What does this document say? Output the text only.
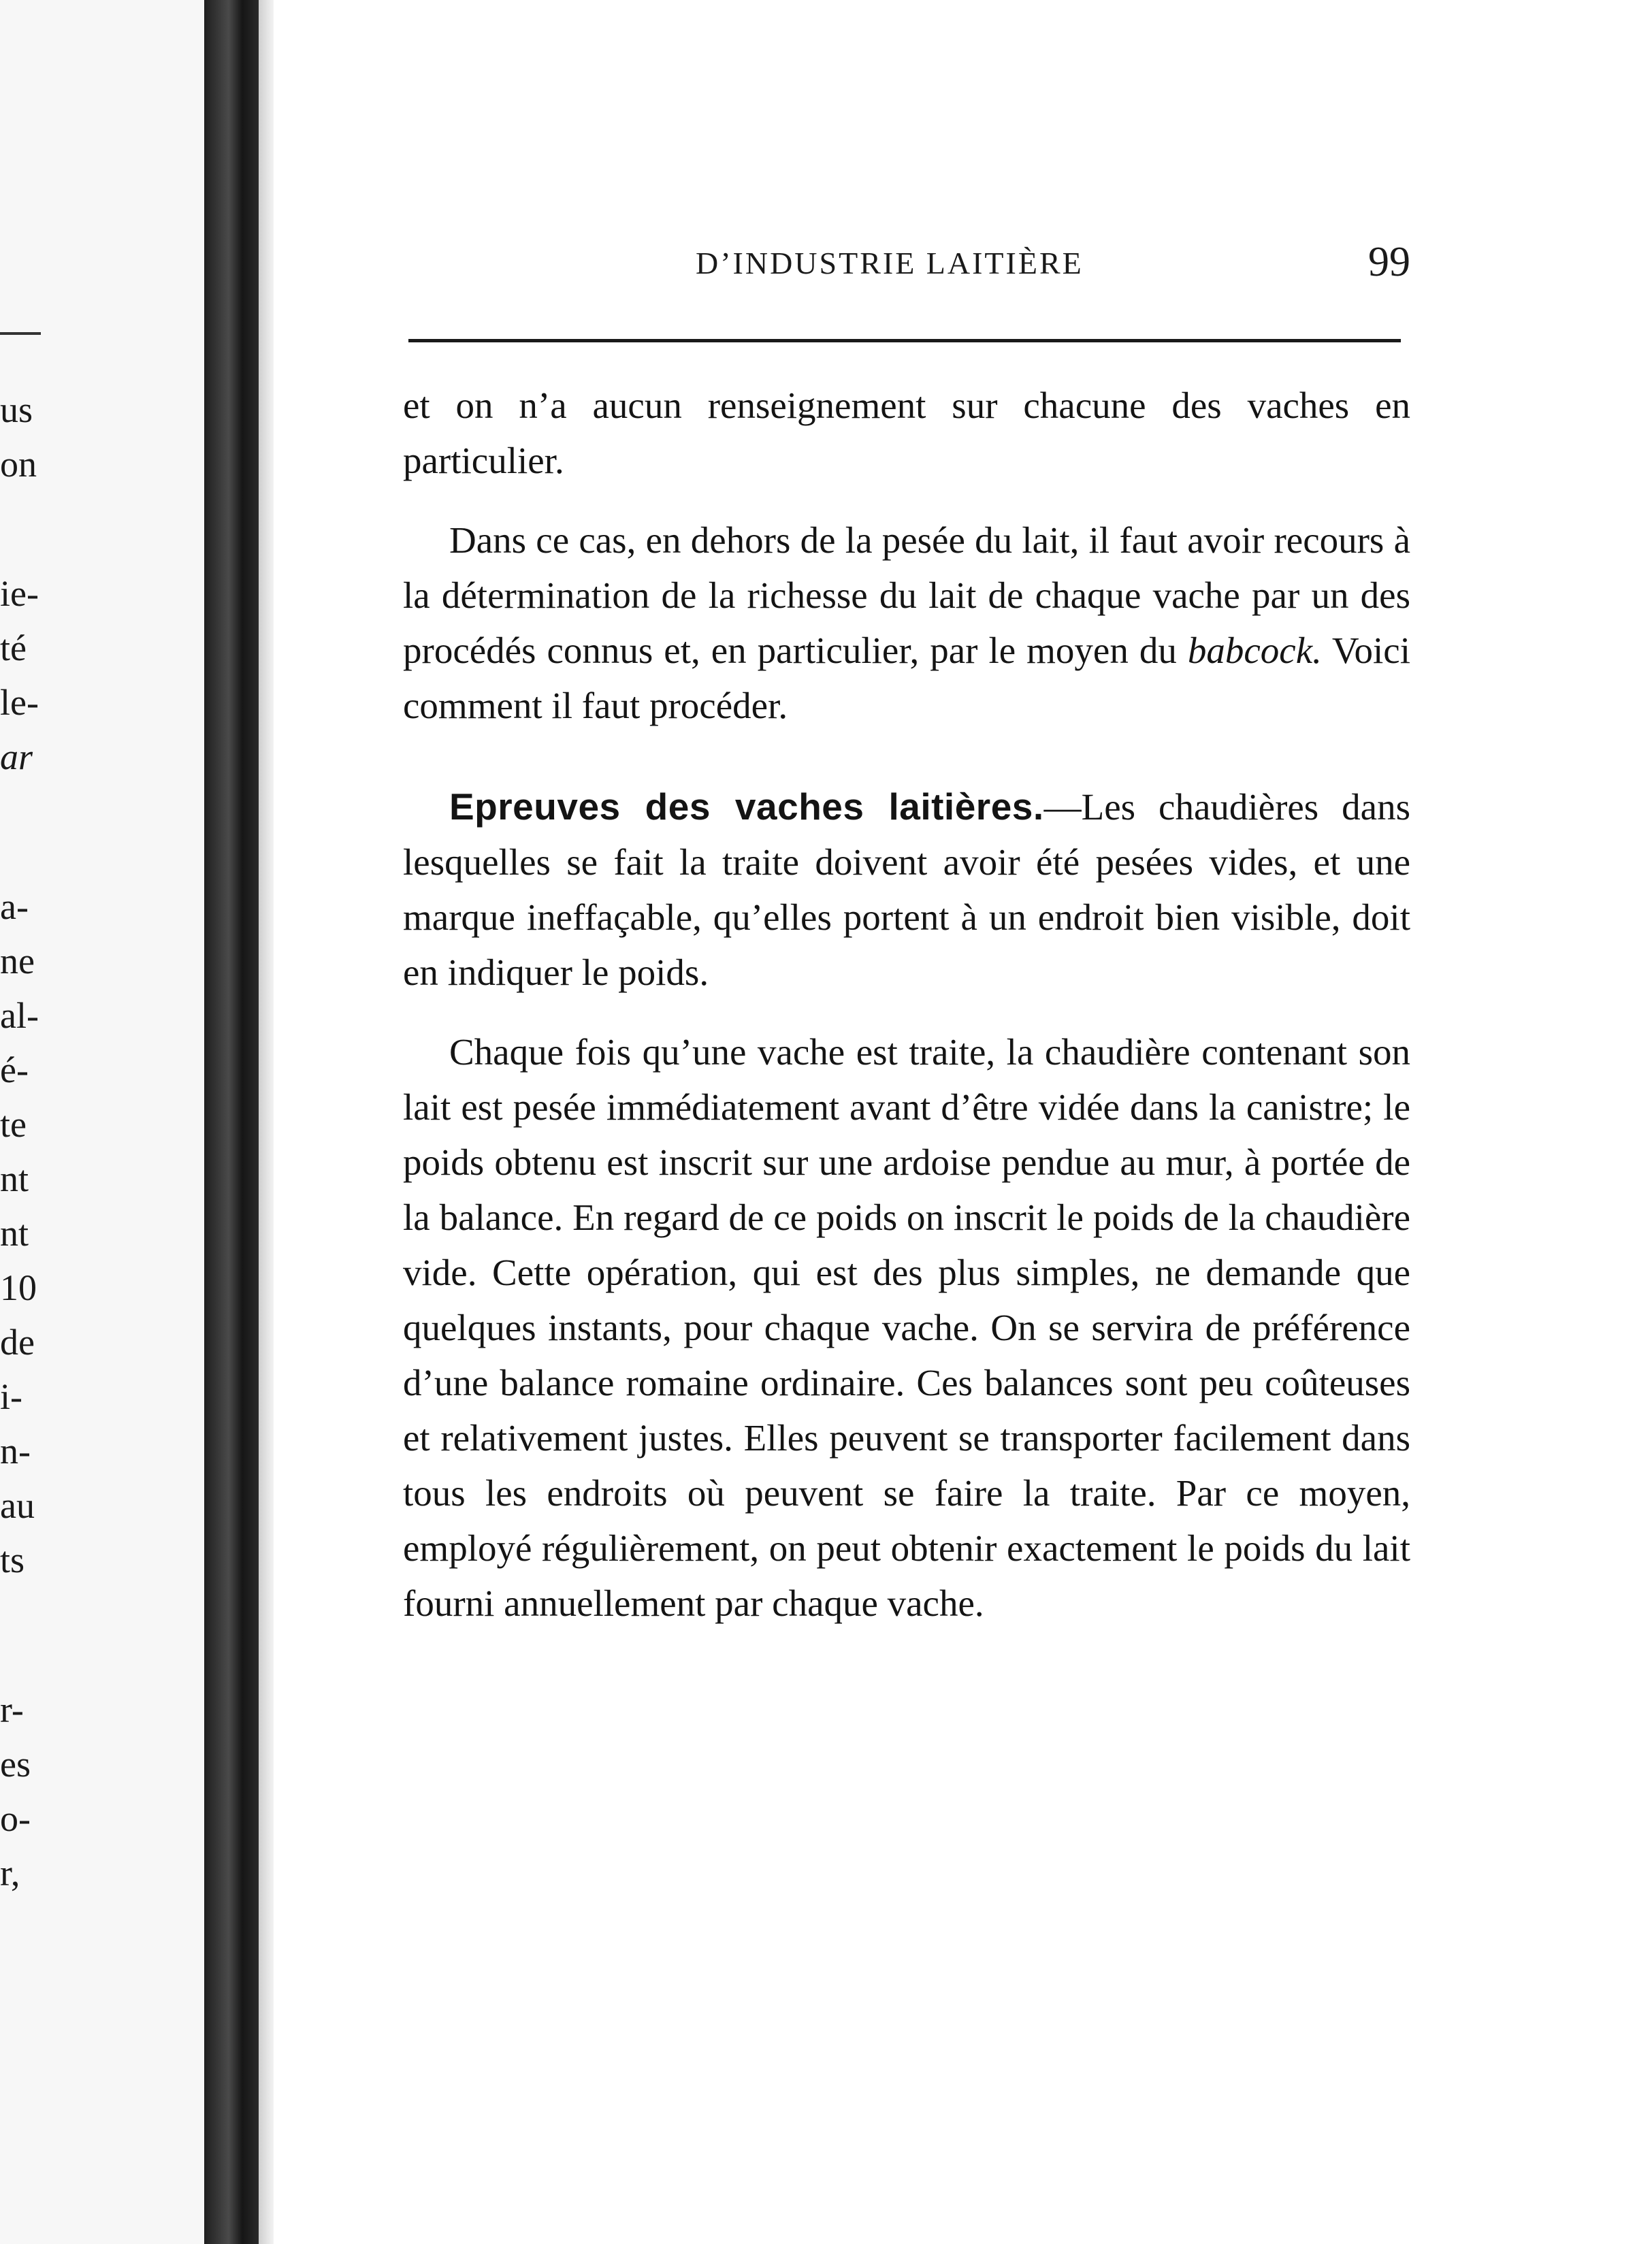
us
on
ie-
té
le-
ar
a-
ne
al-
é-
te
nt
nt
10
de
i-
n-
au
ts
r-
es
o-
r,
D’INDUSTRIE LAITIÈRE	99

et on n’a aucun renseignement sur chacune des vaches en particulier.

Dans ce cas, en dehors de la pesée du lait, il faut avoir recours à la détermination de la richesse du lait de chaque vache par un des procédés connus et, en particulier, par le moyen du babcock. Voici comment il faut procéder.

Epreuves des vaches laitières.—Les chaudières dans lesquelles se fait la traite doivent avoir été pesées vides, et une marque ineffaçable, qu’elles portent à un endroit bien visible, doit en indiquer le poids.

Chaque fois qu’une vache est traite, la chaudière contenant son lait est pesée immédiatement avant d’être vidée dans la canistre; le poids obtenu est inscrit sur une ardoise pendue au mur, à portée de la balance. En regard de ce poids on inscrit le poids de la chaudière vide. Cette opération, qui est des plus simples, ne demande que quelques instants, pour chaque vache. On se servira de préférence d’une balance romaine ordinaire. Ces balances sont peu coûteuses et relativement justes. Elles peuvent se transporter facilement dans tous les endroits où peuvent se faire la traite. Par ce moyen, employé régulièrement, on peut obtenir exactement le poids du lait fourni annuellement par chaque vache.
